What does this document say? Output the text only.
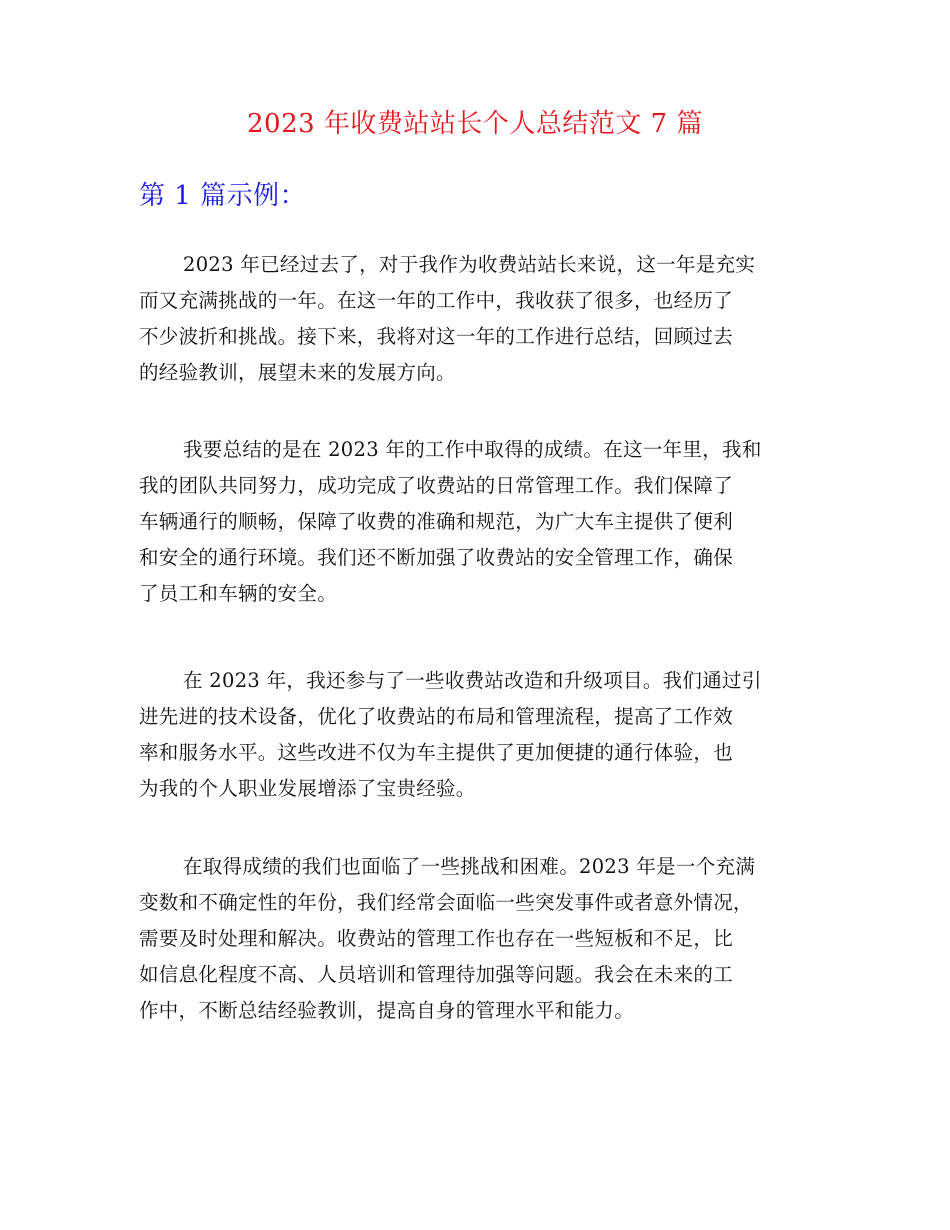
2023 年收费站站长个人总结范文 7 篇
第 1 篇示例：
2023 年已经过去了，对于我作为收费站站长来说，这一年是充实
而又充满挑战的一年。在这一年的工作中，我收获了很多，也经历了
不少波折和挑战。接下来，我将对这一年的工作进行总结，回顾过去
的经验教训，展望未来的发展方向。
我要总结的是在 2023 年的工作中取得的成绩。在这一年里，我和
我的团队共同努力，成功完成了收费站的日常管理工作。我们保障了
车辆通行的顺畅，保障了收费的准确和规范，为广大车主提供了便利
和安全的通行环境。我们还不断加强了收费站的安全管理工作，确保
了员工和车辆的安全。
在 2023 年，我还参与了一些收费站改造和升级项目。我们通过引
进先进的技术设备，优化了收费站的布局和管理流程，提高了工作效
率和服务水平。这些改进不仅为车主提供了更加便捷的通行体验，也
为我的个人职业发展增添了宝贵经验。
在取得成绩的我们也面临了一些挑战和困难。2023 年是一个充满
变数和不确定性的年份，我们经常会面临一些突发事件或者意外情况，
需要及时处理和解决。收费站的管理工作也存在一些短板和不足，比
如信息化程度不高、人员培训和管理待加强等问题。我会在未来的工
作中，不断总结经验教训，提高自身的管理水平和能力。
